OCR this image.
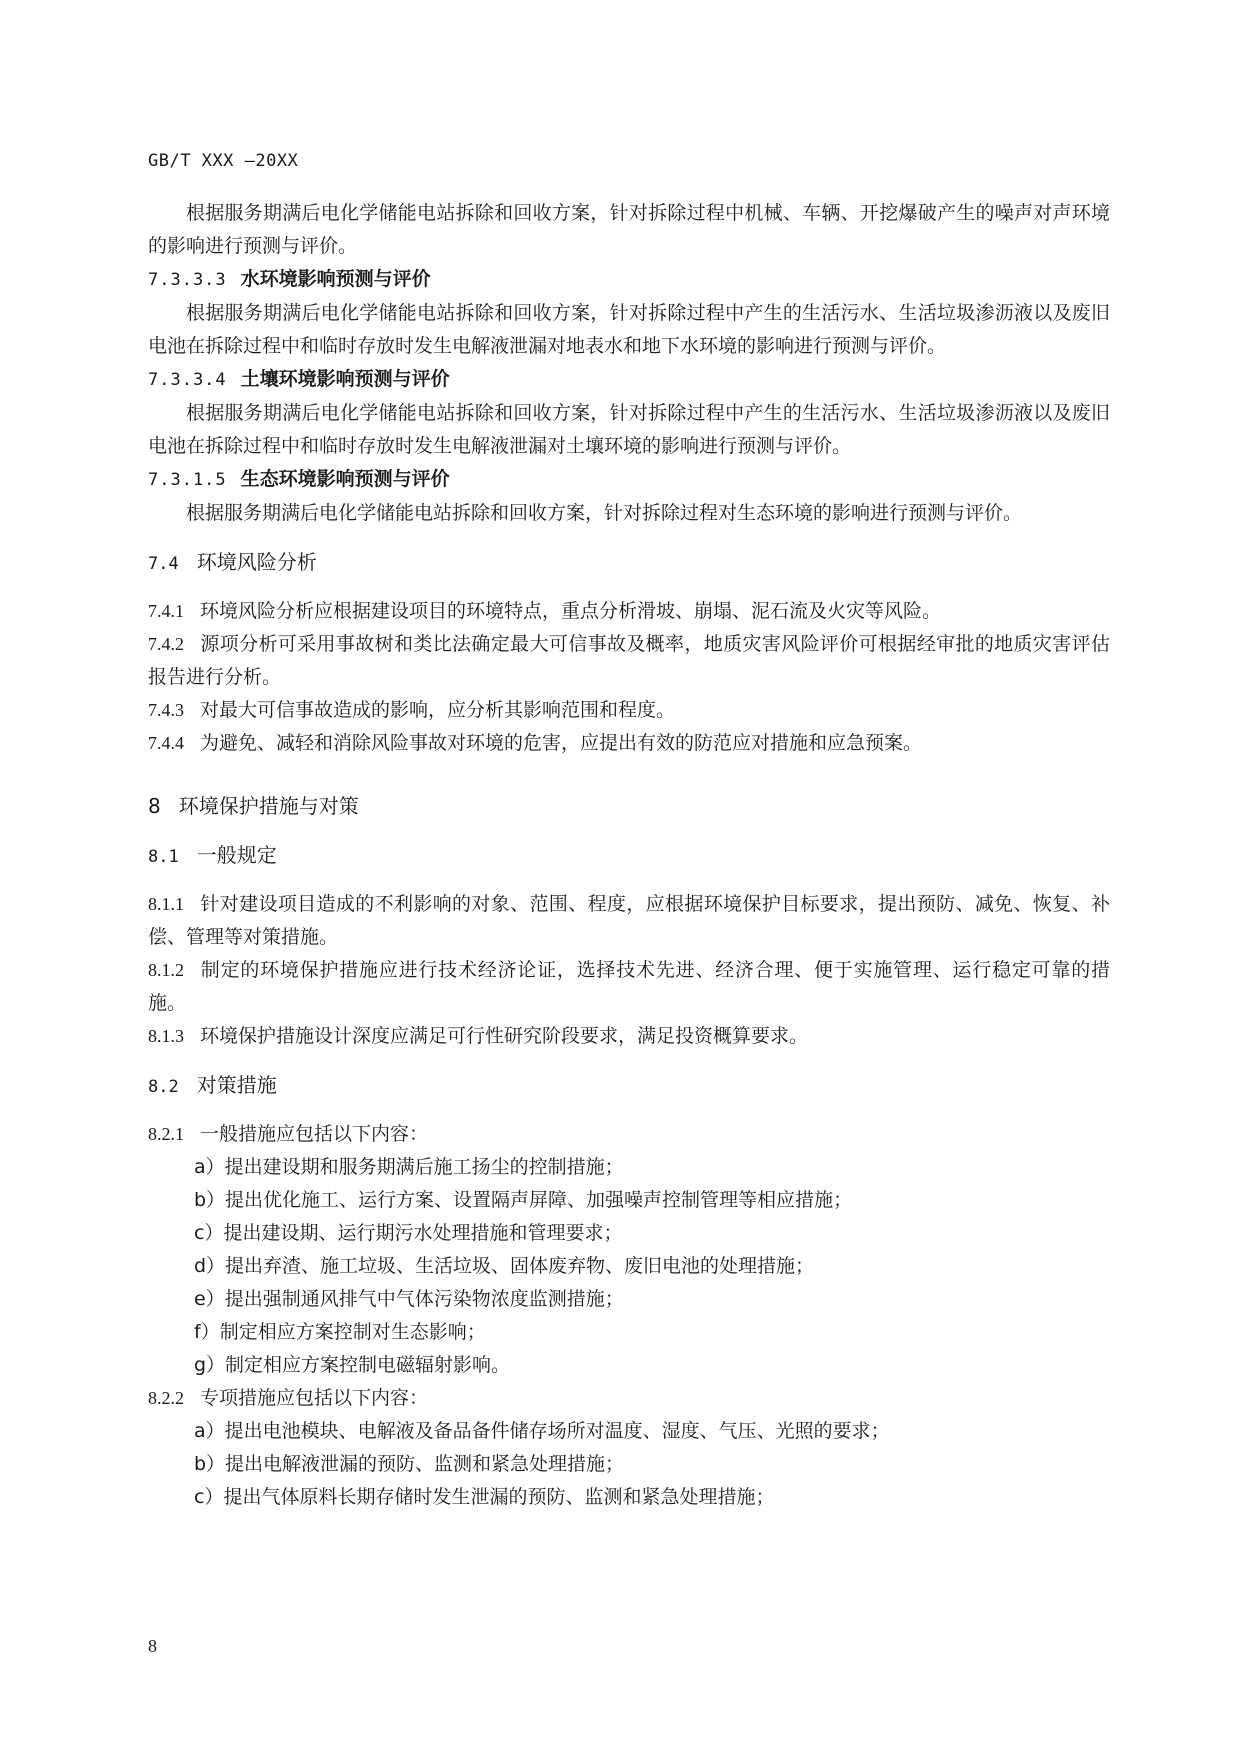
GB/T XXX —20XX

根据服务期满后电化学储能电站拆除和回收方案，针对拆除过程中机械、车辆、开挖爆破产生的噪声对声环境的影响进行预测与评价。

7.3.3.3 水环境影响预测与评价

根据服务期满后电化学储能电站拆除和回收方案，针对拆除过程中产生的生活污水、生活垃圾渗沥液以及废旧电池在拆除过程中和临时存放时发生电解液泄漏对地表水和地下水环境的影响进行预测与评价。

7.3.3.4 土壤环境影响预测与评价

根据服务期满后电化学储能电站拆除和回收方案，针对拆除过程中产生的生活污水、生活垃圾渗沥液以及废旧电池在拆除过程中和临时存放时发生电解液泄漏对土壤环境的影响进行预测与评价。

7.3.1.5 生态环境影响预测与评价

根据服务期满后电化学储能电站拆除和回收方案，针对拆除过程对生态环境的影响进行预测与评价。

7.4 环境风险分析

7.4.1 环境风险分析应根据建设项目的环境特点，重点分析滑坡、崩塌、泥石流及火灾等风险。

7.4.2 源项分析可采用事故树和类比法确定最大可信事故及概率，地质灾害风险评价可根据经审批的地质灾害评估报告进行分析。

7.4.3 对最大可信事故造成的影响，应分析其影响范围和程度。

7.4.4 为避免、减轻和消除风险事故对环境的危害，应提出有效的防范应对措施和应急预案。

8 环境保护措施与对策
8.1 一般规定

8.1.1 针对建设项目造成的不利影响的对象、范围、程度，应根据环境保护目标要求，提出预防、减免、恢复、补偿、管理等对策措施。

8.1.2 制定的环境保护措施应进行技术经济论证，选择技术先进、经济合理、便于实施管理、运行稳定可靠的措施。

8.1.3 环境保护措施设计深度应满足可行性研究阶段要求，满足投资概算要求。

8.2 对策措施

8.2.1 一般措施应包括以下内容：

a）提出建设期和服务期满后施工扬尘的控制措施；

b）提出优化施工、运行方案、设置隔声屏障、加强噪声控制管理等相应措施；

c）提出建设期、运行期污水处理措施和管理要求；

d）提出弃渣、施工垃圾、生活垃圾、固体废弃物、废旧电池的处理措施；

e）提出强制通风排气中气体污染物浓度监测措施；

f）制定相应方案控制对生态影响；

g）制定相应方案控制电磁辐射影响。

8.2.2 专项措施应包括以下内容：

a）提出电池模块、电解液及备品备件储存场所对温度、湿度、气压、光照的要求；

b）提出电解液泄漏的预防、监测和紧急处理措施；

c）提出气体原料长期存储时发生泄漏的预防、监测和紧急处理措施；

8
